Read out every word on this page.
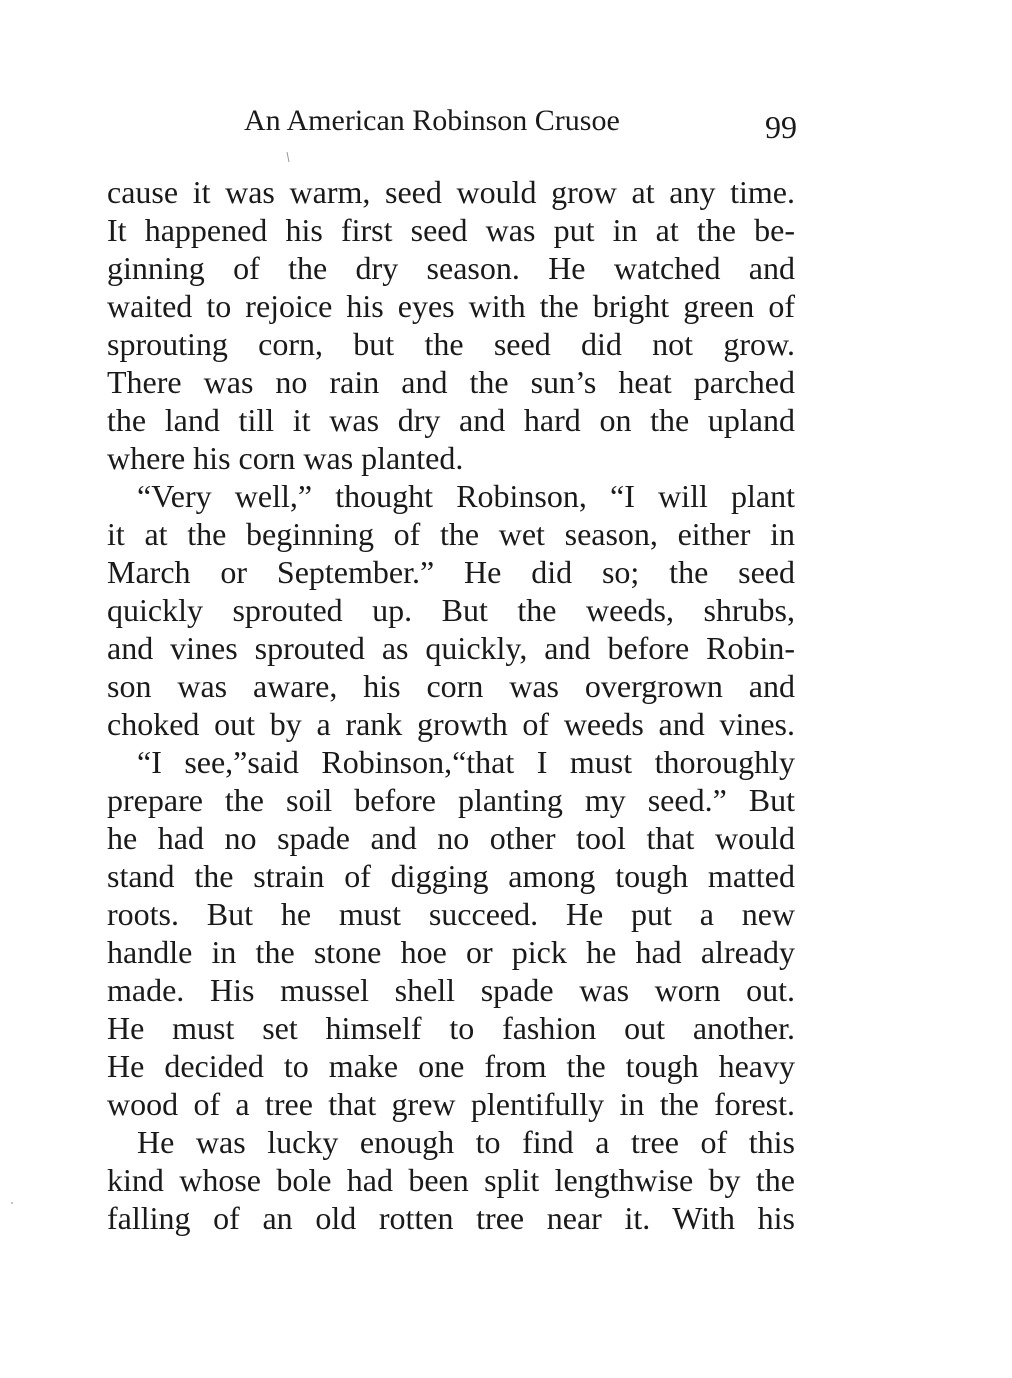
An American Robinson Crusoe	99
cause it was warm, seed would grow at any time.
It happened his first seed was put in at the be-
ginning of the dry season. He watched and
waited to rejoice his eyes with the bright green of
sprouting corn, but the seed did not grow.
There was no rain and the sun’s heat parched
the land till it was dry and hard on the upland
where his corn was planted.
“Very well,” thought Robinson, “I will plant
it at the beginning of the wet season, either in
March or September.” He did so; the seed
quickly sprouted up. But the weeds, shrubs,
and vines sprouted as quickly, and before Robin-
son was aware, his corn was overgrown and
choked out by a rank growth of weeds and vines.
“I see,”said Robinson,“that I must thoroughly
prepare the soil before planting my seed.” But
he had no spade and no other tool that would
stand the strain of digging among tough matted
roots. But he must succeed. He put a new
handle in the stone hoe or pick he had already
made. His mussel shell spade was worn out.
He must set himself to fashion out another.
He decided to make one from the tough heavy
wood of a tree that grew plentifully in the forest.
He was lucky enough to find a tree of this
kind whose bole had been split lengthwise by the
falling of an old rotten tree near it. With his
